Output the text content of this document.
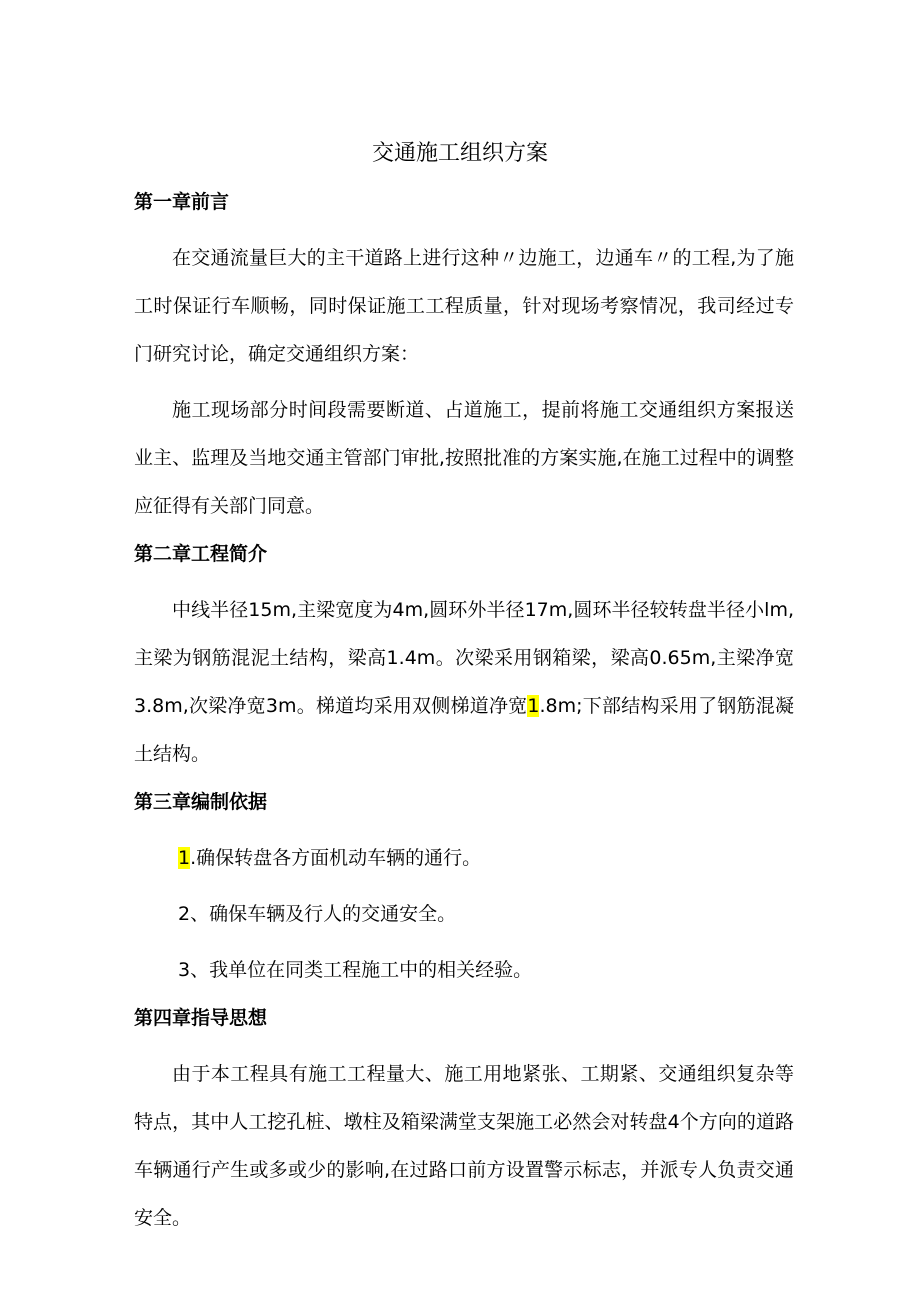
交通施工组织方案
第一章前言

在交通流量巨大的主干道路上进行这种〃边施工，边通车〃的工程,为了施工时保证行车顺畅，同时保证施工工程质量，针对现场考察情况，我司经过专门研究讨论，确定交通组织方案：

施工现场部分时间段需要断道、占道施工，提前将施工交通组织方案报送业主、监理及当地交通主管部门审批,按照批准的方案实施,在施工过程中的调整应征得有关部门同意。

第二章工程简介

中线半径15m,主梁宽度为4m,圆环外半径17m,圆环半径较转盘半径小lm,主梁为钢筋混泥土结构，梁高1.4m。次梁采用钢箱梁，梁高0.65m,主梁净宽3.8m,次梁净宽3m。梯道均采用双侧梯道净宽1.8m;下部结构采用了钢筋混凝土结构。

第三章编制依据

1.确保转盘各方面机动车辆的通行。

2、确保车辆及行人的交通安全。

3、我单位在同类工程施工中的相关经验。

第四章指导思想

由于本工程具有施工工程量大、施工用地紧张、工期紧、交通组织复杂等特点，其中人工挖孔桩、墩柱及箱梁满堂支架施工必然会对转盘4个方向的道路车辆通行产生或多或少的影响,在过路口前方设置警示标志，并派专人负责交通安全。
